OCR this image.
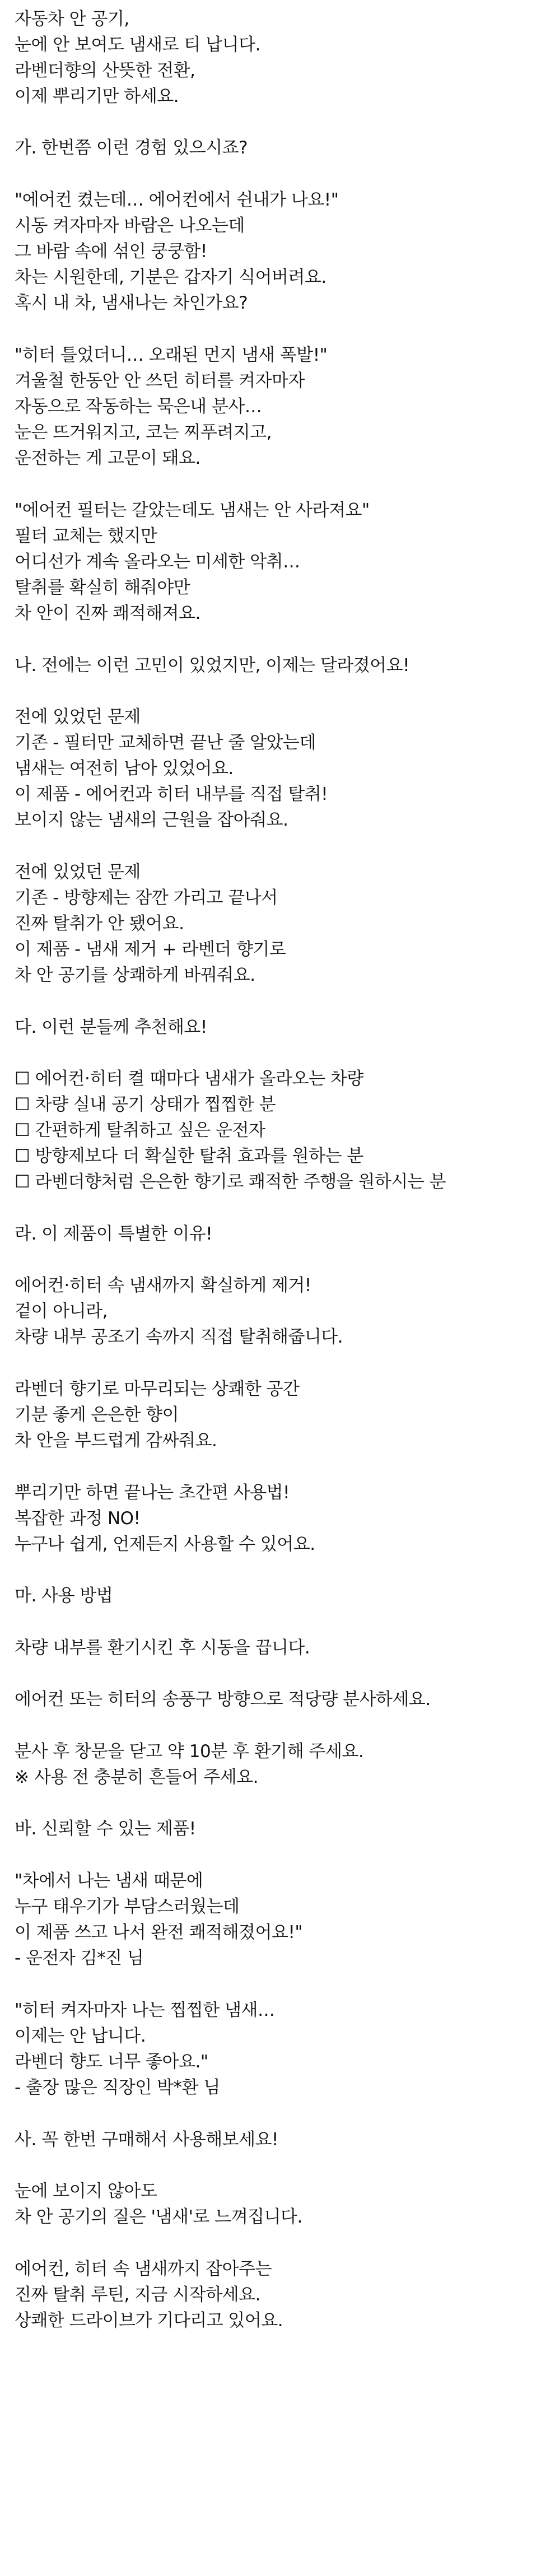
자동차 안 공기,

눈에 안 보여도 냄새로 티 납니다.

라벤더향의 산뜻한 전환,

이제 뿌리기만 하세요.

가. 한번쯤 이런 경험 있으시죠?

"에어컨 켰는데… 에어컨에서 쉰내가 나요!"

시동 켜자마자 바람은 나오는데

그 바람 속에 섞인 쿵쿵함!

차는 시원한데, 기분은 갑자기 식어버려요.

혹시 내 차, 냄새나는 차인가요?

"히터 틀었더니… 오래된 먼지 냄새 폭발!"

겨울철 한동안 안 쓰던 히터를 켜자마자

자동으로 작동하는 묵은내 분사…

눈은 뜨거워지고, 코는 찌푸려지고,

운전하는 게 고문이 돼요.

"에어컨 필터는 갈았는데도 냄새는 안 사라져요"

필터 교체는 했지만

어디선가 계속 올라오는 미세한 악취…

탈취를 확실히 해줘야만

차 안이 진짜 쾌적해져요.

나. 전에는 이런 고민이 있었지만, 이제는 달라졌어요!

전에 있었던 문제

기존 - 필터만 교체하면 끝난 줄 알았는데

냄새는 여전히 남아 있었어요.

이 제품 - 에어컨과 히터 내부를 직접 탈취!

보이지 않는 냄새의 근원을 잡아줘요.

전에 있었던 문제

기존 - 방향제는 잠깐 가리고 끝나서

진짜 탈취가 안 됐어요.

이 제품 - 냄새 제거 + 라벤더 향기로

차 안 공기를 상쾌하게 바꿔줘요.

다. 이런 분들께 추천해요!

☐ 에어컨·히터 켤 때마다 냄새가 올라오는 차량

☐ 차량 실내 공기 상태가 찝찝한 분

☐ 간편하게 탈취하고 싶은 운전자

☐ 방향제보다 더 확실한 탈취 효과를 원하는 분

☐ 라벤더향처럼 은은한 향기로 쾌적한 주행을 원하시는 분

라. 이 제품이 특별한 이유!

에어컨·히터 속 냄새까지 확실하게 제거!

겉이 아니라,

차량 내부 공조기 속까지 직접 탈취해줍니다.

라벤더 향기로 마무리되는 상쾌한 공간

기분 좋게 은은한 향이

차 안을 부드럽게 감싸줘요.

뿌리기만 하면 끝나는 초간편 사용법!

복잡한 과정 NO!

누구나 쉽게, 언제든지 사용할 수 있어요.

마. 사용 방법

차량 내부를 환기시킨 후 시동을 끕니다.

에어컨 또는 히터의 송풍구 방향으로 적당량 분사하세요.

분사 후 창문을 닫고 약 10분 후 환기해 주세요.

※ 사용 전 충분히 흔들어 주세요.

바. 신뢰할 수 있는 제품!

"차에서 나는 냄새 때문에

누구 태우기가 부담스러웠는데

이 제품 쓰고 나서 완전 쾌적해졌어요!"

- 운전자 김*진 님

"히터 켜자마자 나는 찝찝한 냄새…

이제는 안 납니다.

라벤더 향도 너무 좋아요."

- 출장 많은 직장인 박*환 님

사. 꼭 한번 구매해서 사용해보세요!

눈에 보이지 않아도

차 안 공기의 질은 '냄새'로 느껴집니다.

에어컨, 히터 속 냄새까지 잡아주는

진짜 탈취 루틴, 지금 시작하세요.

상쾌한 드라이브가 기다리고 있어요.
